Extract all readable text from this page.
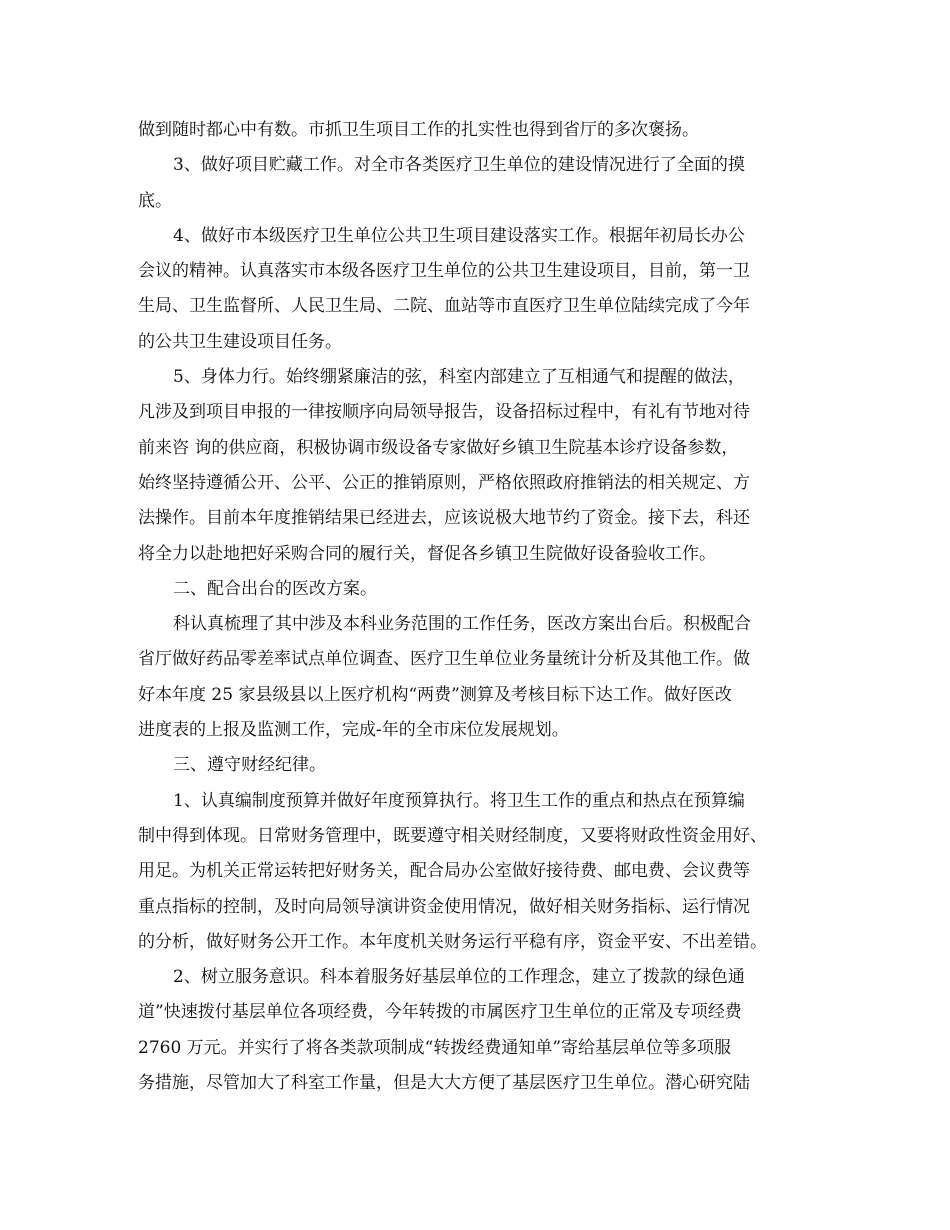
做到随时都心中有数。市抓卫生项目工作的扎实性也得到省厅的多次褒扬。
3、做好项目贮藏工作。对全市各类医疗卫生单位的建设情况进行了全面的摸
底。
4、做好市本级医疗卫生单位公共卫生项目建设落实工作。根据年初局长办公
会议的精神。认真落实市本级各医疗卫生单位的公共卫生建设项目，目前，第一卫
生局、卫生监督所、人民卫生局、二院、血站等市直医疗卫生单位陆续完成了今年
的公共卫生建设项目任务。
5、身体力行。始终绷紧廉洁的弦，科室内部建立了互相通气和提醒的做法，
凡涉及到项目申报的一律按顺序向局领导报告，设备招标过程中，有礼有节地对待
前来咨 询的供应商，积极协调市级设备专家做好乡镇卫生院基本诊疗设备参数，
始终坚持遵循公开、公平、公正的推销原则，严格依照政府推销法的相关规定、方
法操作。目前本年度推销结果已经进去，应该说极大地节约了资金。接下去，科还
将全力以赴地把好采购合同的履行关，督促各乡镇卫生院做好设备验收工作。
二、配合出台的医改方案。
科认真梳理了其中涉及本科业务范围的工作任务，医改方案出台后。积极配合
省厅做好药品零差率试点单位调查、医疗卫生单位业务量统计分析及其他工作。做
好本年度 25 家县级县以上医疗机构“两费”测算及考核目标下达工作。做好医改
进度表的上报及监测工作，完成-年的全市床位发展规划。
三、遵守财经纪律。
1、认真编制度预算并做好年度预算执行。将卫生工作的重点和热点在预算编
制中得到体现。日常财务管理中，既要遵守相关财经制度，又要将财政性资金用好、
用足。为机关正常运转把好财务关，配合局办公室做好接待费、邮电费、会议费等
重点指标的控制，及时向局领导演讲资金使用情况，做好相关财务指标、运行情况
的分析，做好财务公开工作。本年度机关财务运行平稳有序，资金平安、不出差错。
2、树立服务意识。科本着服务好基层单位的工作理念，建立了拨款的绿色通
道”快速拨付基层单位各项经费，今年转拨的市属医疗卫生单位的正常及专项经费
2760 万元。并实行了将各类款项制成“转拨经费通知单”寄给基层单位等多项服
务措施，尽管加大了科室工作量，但是大大方便了基层医疗卫生单位。潜心研究陆
